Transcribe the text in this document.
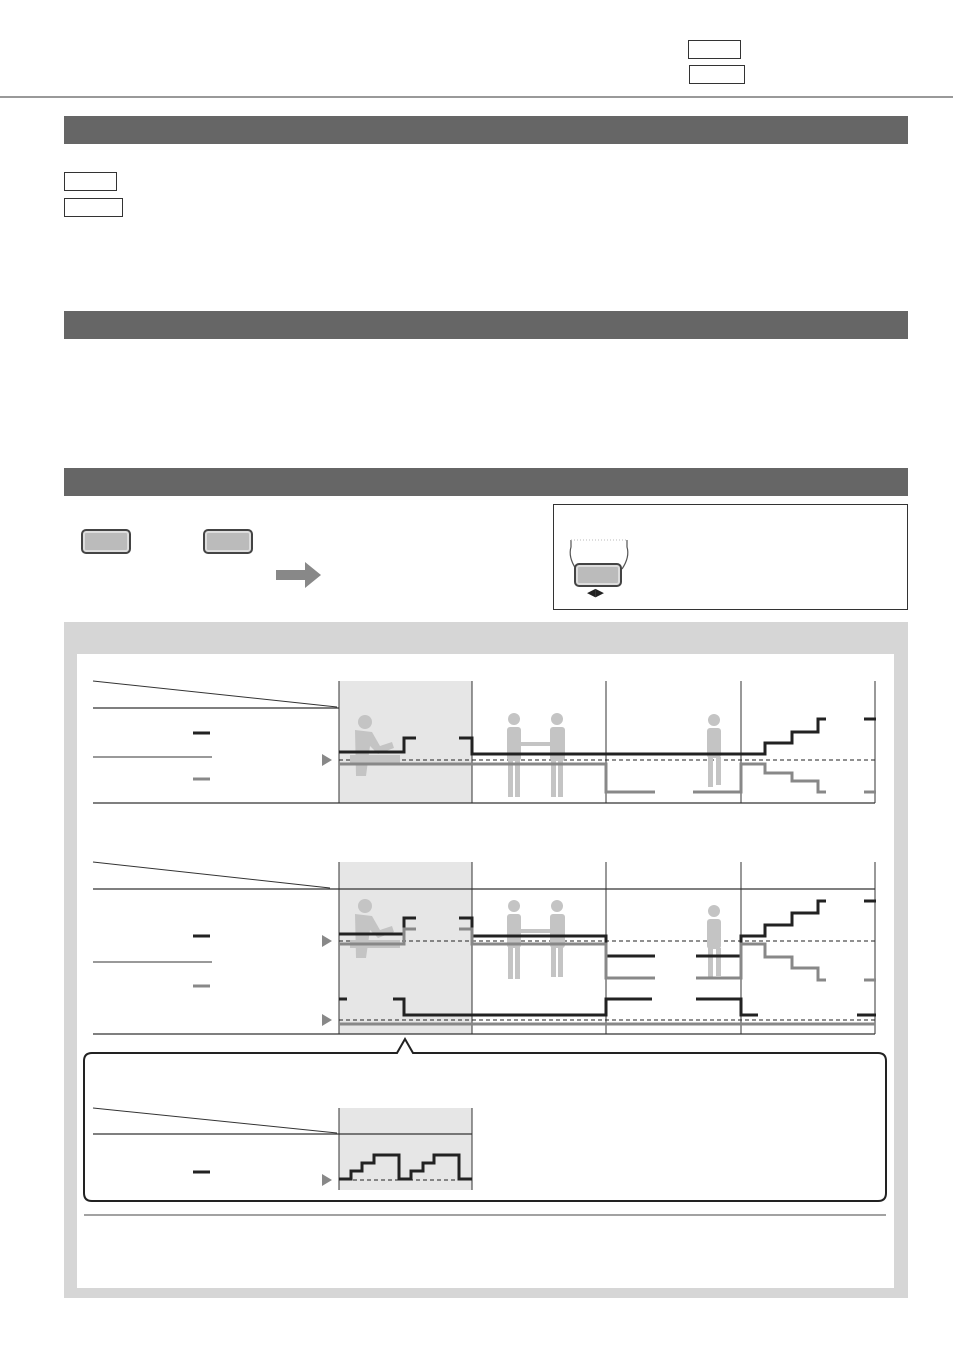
◀▶
